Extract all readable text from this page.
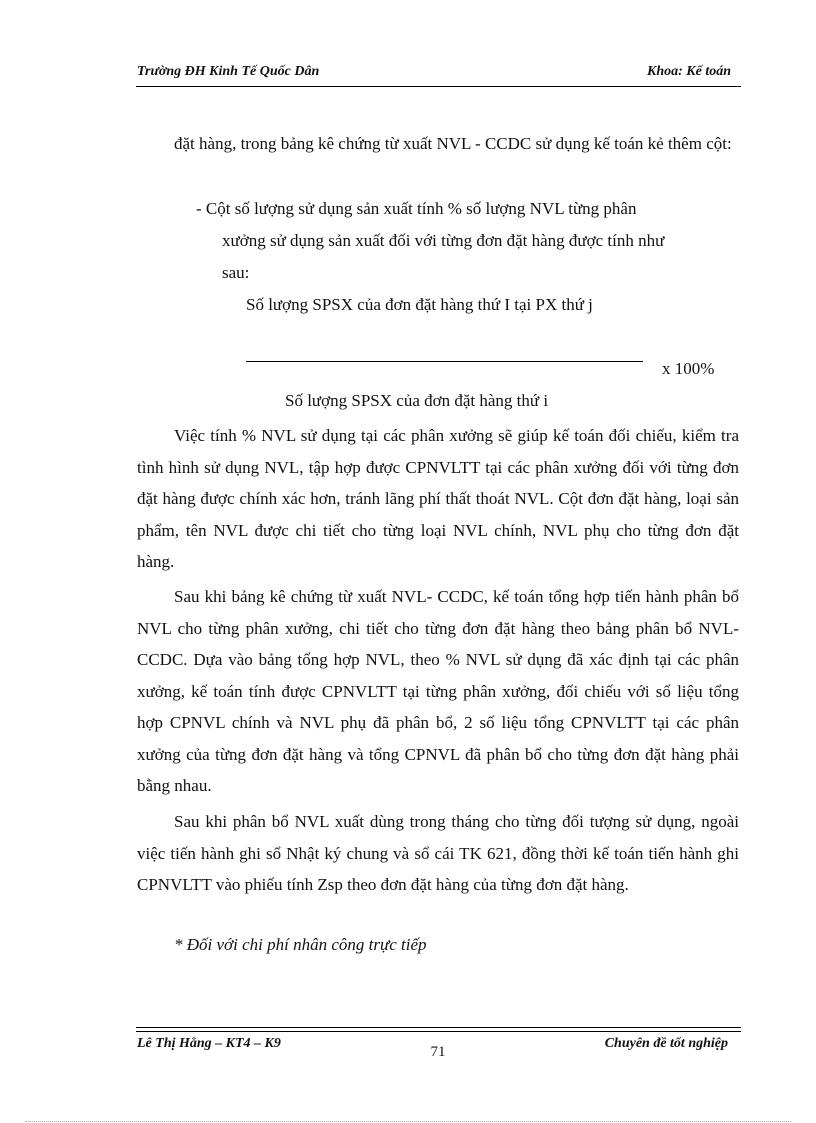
Trường ĐH Kinh Tế Quốc Dân	Khoa: Kế toán
đặt hàng, trong bảng kê chứng từ xuất NVL - CCDC sử dụng kế toán kẻ thêm cột:
- Cột số lượng sử dụng sản xuất tính % số lượng NVL từng phân
xưởng sử dụng sản xuất đối với từng đơn đặt hàng được tính như
sau:
Số lượng SPSX của đơn đặt hàng thứ I tại PX thứ j
x 100%
Số lượng SPSX của đơn đặt hàng thứ i
Việc tính % NVL sử dụng tại các phân xưởng sẽ giúp kế toán đối chiếu, kiểm tra tình hình sử dụng NVL, tập hợp được CPNVLTT tại các phân xưởng đối với từng đơn đặt hàng được chính xác hơn, tránh lãng phí thất thoát NVL. Cột đơn đặt hàng, loại sản phẩm, tên NVL được chi tiết cho từng loại NVL chính, NVL phụ cho từng đơn đặt hàng.
Sau khi bảng kê chứng từ xuất NVL- CCDC, kế toán tổng hợp tiến hành phân bổ NVL cho từng phân xưởng, chi tiết cho từng đơn đặt hàng theo bảng phân bổ NVL- CCDC. Dựa vào bảng tổng hợp NVL, theo % NVL sử dụng đã xác định tại các phân xưởng, kế toán tính được CPNVLTT tại từng phân xưởng, đối chiếu với số liệu tổng hợp CPNVL chính và NVL phụ đã phân bổ, 2 số liệu tổng CPNVLTT tại các phân xưởng của từng đơn đặt hàng và tổng CPNVL đã phân bổ cho từng đơn đặt hàng phải bằng nhau.
Sau khi phân bổ NVL xuất dùng trong tháng cho từng đối tượng sử dụng, ngoài việc tiến hành ghi sổ Nhật ký chung và sổ cái TK 621, đồng thời kế toán tiến hành ghi CPNVLTT vào phiếu tính Zsp theo đơn đặt hàng của từng đơn đặt hàng.
* Đối với chi phí nhân công trực tiếp
Lê Thị Hằng – KT4 – K9
71
Chuyên đề tốt nghiệp
